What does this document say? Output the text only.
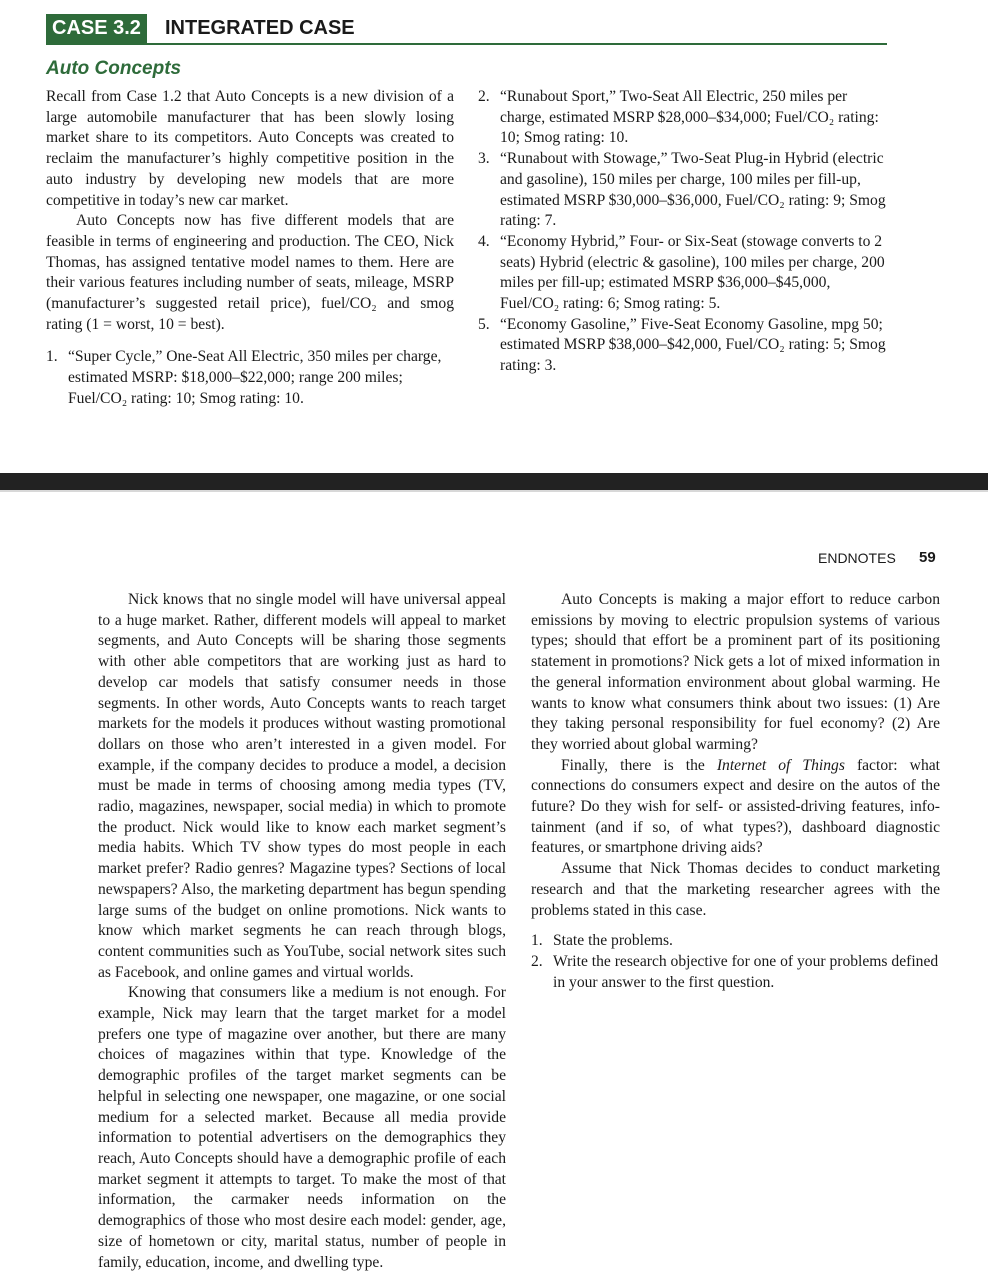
CASE 3.2	INTEGRATED CASE
Auto Concepts

Recall from Case 1.2 that Auto Concepts is a new division of a large automobile manufacturer that has been slowly losing market share to its competitors. Auto Concepts was created to reclaim the manufacturer’s highly competitive position in the auto industry by developing new models that are more competitive in today’s new car market.

Auto Concepts now has five different models that are feasible in terms of engineering and production. The CEO, Nick Thomas, has assigned tentative model names to them. Here are their various features including number of seats, mileage, MSRP (manufacturer’s suggested retail price), fuel/CO₂ and smog rating (1 = worst, 10 = best).

1. “Super Cycle,” One-Seat All Electric, 350 miles per charge, estimated MSRP: $18,000–$22,000; range 200 miles; Fuel/CO₂ rating: 10; Smog rating: 10.
2. “Runabout Sport,” Two-Seat All Electric, 250 miles per charge, estimated MSRP $28,000–$34,000; Fuel/CO₂ rating: 10; Smog rating: 10.
3. “Runabout with Stowage,” Two-Seat Plug-in Hybrid (electric and gasoline), 150 miles per charge, 100 miles per fill-up, estimated MSRP $30,000–$36,000, Fuel/CO₂ rating: 9; Smog rating: 7.
4. “Economy Hybrid,” Four- or Six-Seat (stowage converts to 2 seats) Hybrid (electric & gasoline), 100 miles per charge, 200 miles per fill-up; estimated MSRP $36,000–$45,000, Fuel/CO₂ rating: 6; Smog rating: 5.
5. “Economy Gasoline,” Five-Seat Economy Gasoline, mpg 50; estimated MSRP $38,000–$42,000, Fuel/CO₂ rating: 5; Smog rating: 3.
ENDNOTES 59

Nick knows that no single model will have universal appeal to a huge market. Rather, different models will appeal to market segments, and Auto Concepts will be sharing those segments with other able competitors that are working just as hard to develop car models that satisfy consumer needs in those segments. In other words, Auto Concepts wants to reach target markets for the models it produces without wasting promotional dollars on those who aren’t interested in a given model. For example, if the company decides to produce a model, a decision must be made in terms of choosing among media types (TV, radio, magazines, newspaper, social media) in which to promote the product. Nick would like to know each market segment’s media habits. Which TV show types do most people in each market prefer? Radio genres? Magazine types? Sections of local newspapers? Also, the marketing department has begun spending large sums of the budget on online promotions. Nick wants to know which market segments he can reach through blogs, content communities such as YouTube, social network sites such as Facebook, and online games and virtual worlds.

Knowing that consumers like a medium is not enough. For example, Nick may learn that the target market for a model prefers one type of magazine over another, but there are many choices of magazines within that type. Knowledge of the demographic profiles of the target market segments can be helpful in selecting one newspaper, one magazine, or one social medium for a selected market. Because all media provide information to potential advertisers on the demographics they reach, Auto Concepts should have a demographic profile of each market segment it attempts to target. To make the most of that information, the carmaker needs information on the demographics of those who most desire each model: gender, age, size of hometown or city, marital status, number of people in family, education, income, and dwelling type.

Auto Concepts is making a major effort to reduce carbon emissions by moving to electric propulsion systems of various types; should that effort be a prominent part of its positioning statement in promotions? Nick gets a lot of mixed information in the general information environment about global warming. He wants to know what consumers think about two issues: (1) Are they taking personal responsibility for fuel economy? (2) Are they worried about global warming?

Finally, there is the Internet of Things factor: what connections do consumers expect and desire on the autos of the future? Do they wish for self- or assisted-driving features, info-tainment (and if so, of what types?), dashboard diagnostic features, or smartphone driving aids?

Assume that Nick Thomas decides to conduct marketing research and that the marketing researcher agrees with the problems stated in this case.

1. State the problems.
2. Write the research objective for one of your problems defined in your answer to the first question.
